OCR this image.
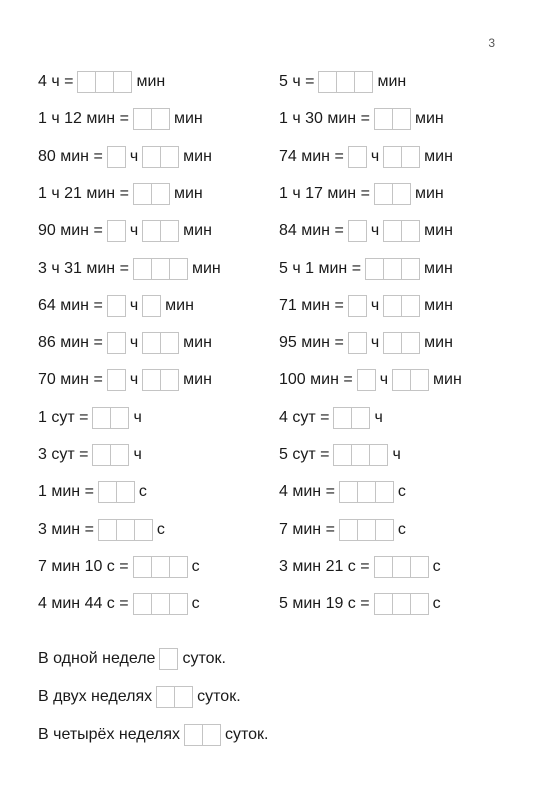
3
4 ч =	мин	5 ч =	мин
1 ч 12 мин =	мин	1 ч 30 мин =	мин
80 мин = ч	мин	74 мин = ч	мин
1 ч 21 мин =	мин	1 ч 17 мин =	мин
90 мин = ч	мин	84 мин = ч	мин
3 ч 31 мин =	мин	5 ч 1 мин =	мин
64 мин = ч мин	71 мин = ч	мин
86 мин = ч	мин	95 мин = ч	мин
70 мин = ч	мин	100 мин = ч	мин
1 сут =	ч	4 сут =	ч
3 сут =	ч	5 сут =	ч
1 мин =	с	4 мин =	с
3 мин =	с	7 мин =	с
7 мин 10 с =	с	3 мин 21 с =	с
4 мин 44 с =	с	5 мин 19 с =	с
В одной неделе суток.
В двух неделях	суток.
В четырёх неделях	суток.
